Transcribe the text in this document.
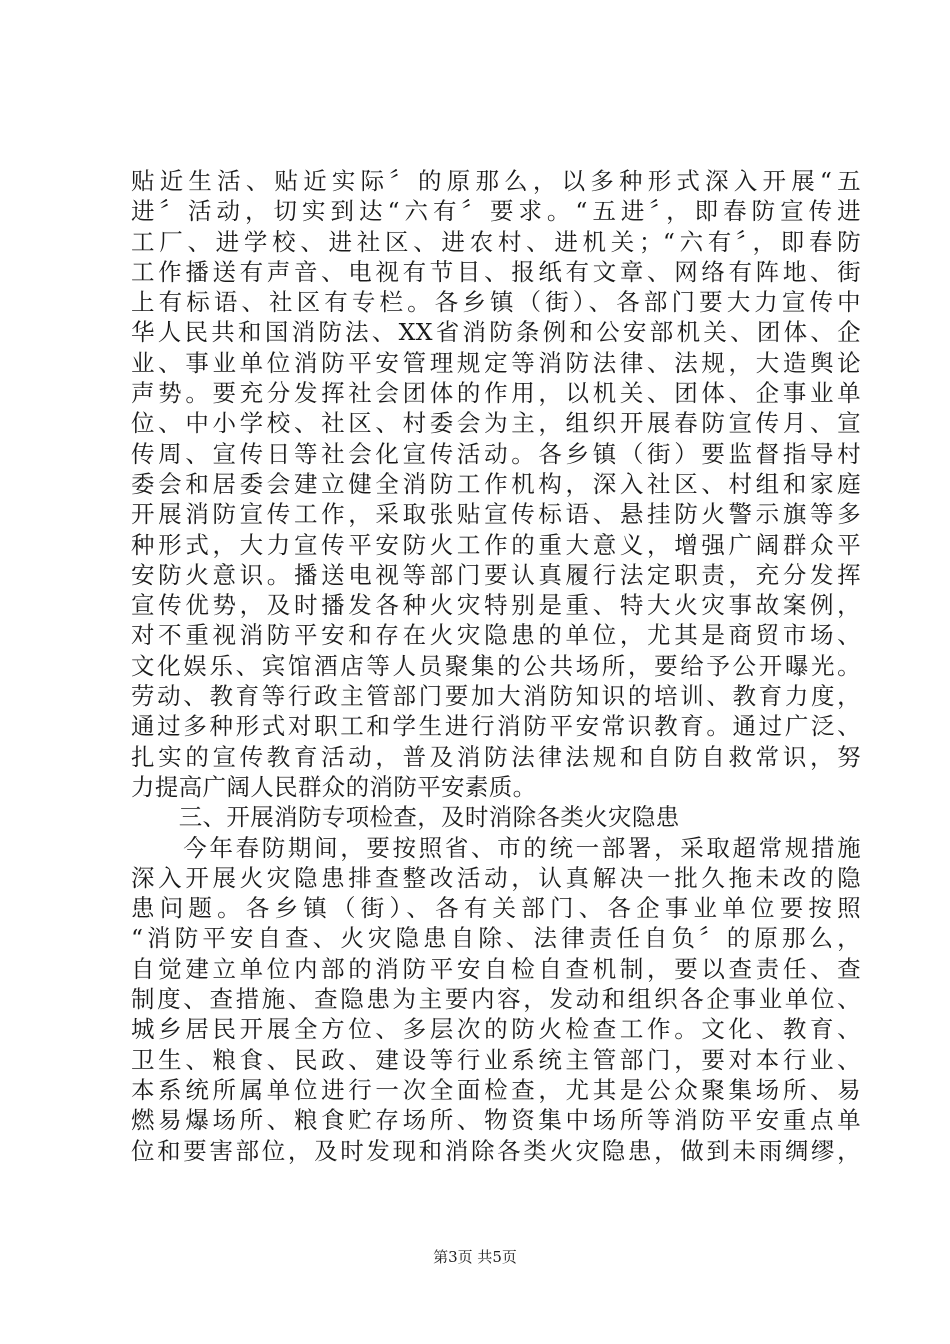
贴近生活、贴近实际〞的原那么，以多种形式深入开展“五
进〞活动，切实到达“六有〞要求。“五进〞，即春防宣传进
工厂、进学校、进社区、进农村、进机关；“六有〞，即春防
工作播送有声音、电视有节目、报纸有文章、网络有阵地、街
上有标语、社区有专栏。各乡镇（街）、各部门要大力宣传中
华人民共和国消防法、XX省消防条例和公安部机关、团体、企
业、事业单位消防平安管理规定等消防法律、法规，大造舆论
声势。要充分发挥社会团体的作用，以机关、团体、企事业单
位、中小学校、社区、村委会为主，组织开展春防宣传月、宣
传周、宣传日等社会化宣传活动。各乡镇（街）要监督指导村
委会和居委会建立健全消防工作机构，深入社区、村组和家庭
开展消防宣传工作，采取张贴宣传标语、悬挂防火警示旗等多
种形式，大力宣传平安防火工作的重大意义，增强广阔群众平
安防火意识。播送电视等部门要认真履行法定职责，充分发挥
宣传优势，及时播发各种火灾特别是重、特大火灾事故案例，
对不重视消防平安和存在火灾隐患的单位，尤其是商贸市场、
文化娱乐、宾馆酒店等人员聚集的公共场所，要给予公开曝光。
劳动、教育等行政主管部门要加大消防知识的培训、教育力度，
通过多种形式对职工和学生进行消防平安常识教育。通过广泛、
扎实的宣传教育活动，普及消防法律法规和自防自救常识，努
力提高广阔人民群众的消防平安素质。
　　三、开展消防专项检查，及时消除各类火灾隐患
　　今年春防期间，要按照省、市的统一部署，采取超常规措施
深入开展火灾隐患排查整改活动，认真解决一批久拖未改的隐
患问题。各乡镇（街）、各有关部门、各企事业单位要按照
“消防平安自查、火灾隐患自除、法律责任自负〞的原那么，
自觉建立单位内部的消防平安自检自查机制，要以查责任、查
制度、查措施、查隐患为主要内容，发动和组织各企事业单位、
城乡居民开展全方位、多层次的防火检查工作。文化、教育、
卫生、粮食、民政、建设等行业系统主管部门，要对本行业、
本系统所属单位进行一次全面检查，尤其是公众聚集场所、易
燃易爆场所、粮食贮存场所、物资集中场所等消防平安重点单
位和要害部位，及时发现和消除各类火灾隐患，做到未雨绸缪，
第3页 共5页
